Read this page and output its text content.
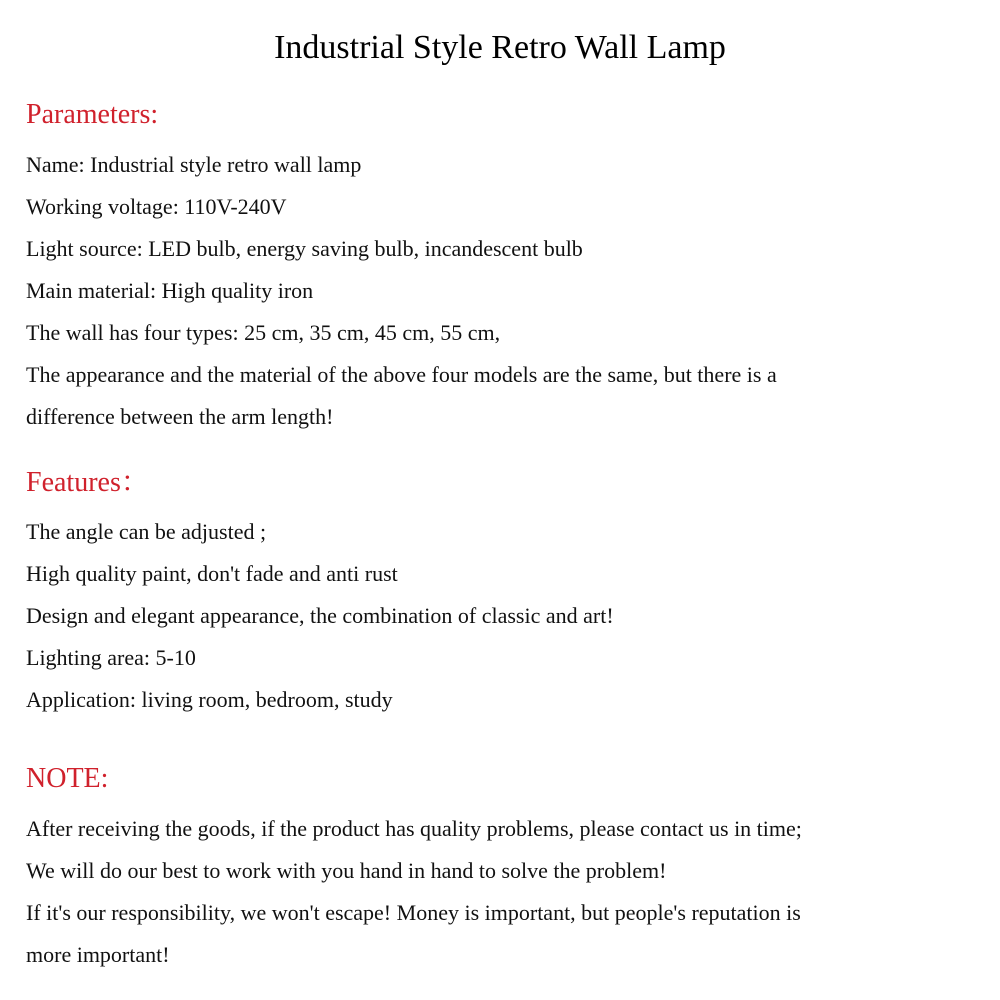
Industrial Style Retro Wall Lamp
Parameters:
Name: Industrial style retro wall lamp
Working voltage: 110V-240V
Light source: LED bulb, energy saving bulb, incandescent bulb
Main material: High quality iron
The wall has four types: 25 cm, 35 cm, 45 cm, 55 cm,
The appearance and the material of the above four models are the same, but there is a
difference between the arm length!
Features：
The angle can be adjusted ;
High quality paint, don't fade and anti rust
Design and elegant appearance, the combination of classic and art!
Lighting area: 5-10
Application: living room, bedroom, study
NOTE:
After receiving the goods, if the product has quality problems, please contact us in time;
We will do our best to work with you hand in hand to solve the problem!
If it's our responsibility, we won't escape! Money is important, but people's reputation is
more important!
